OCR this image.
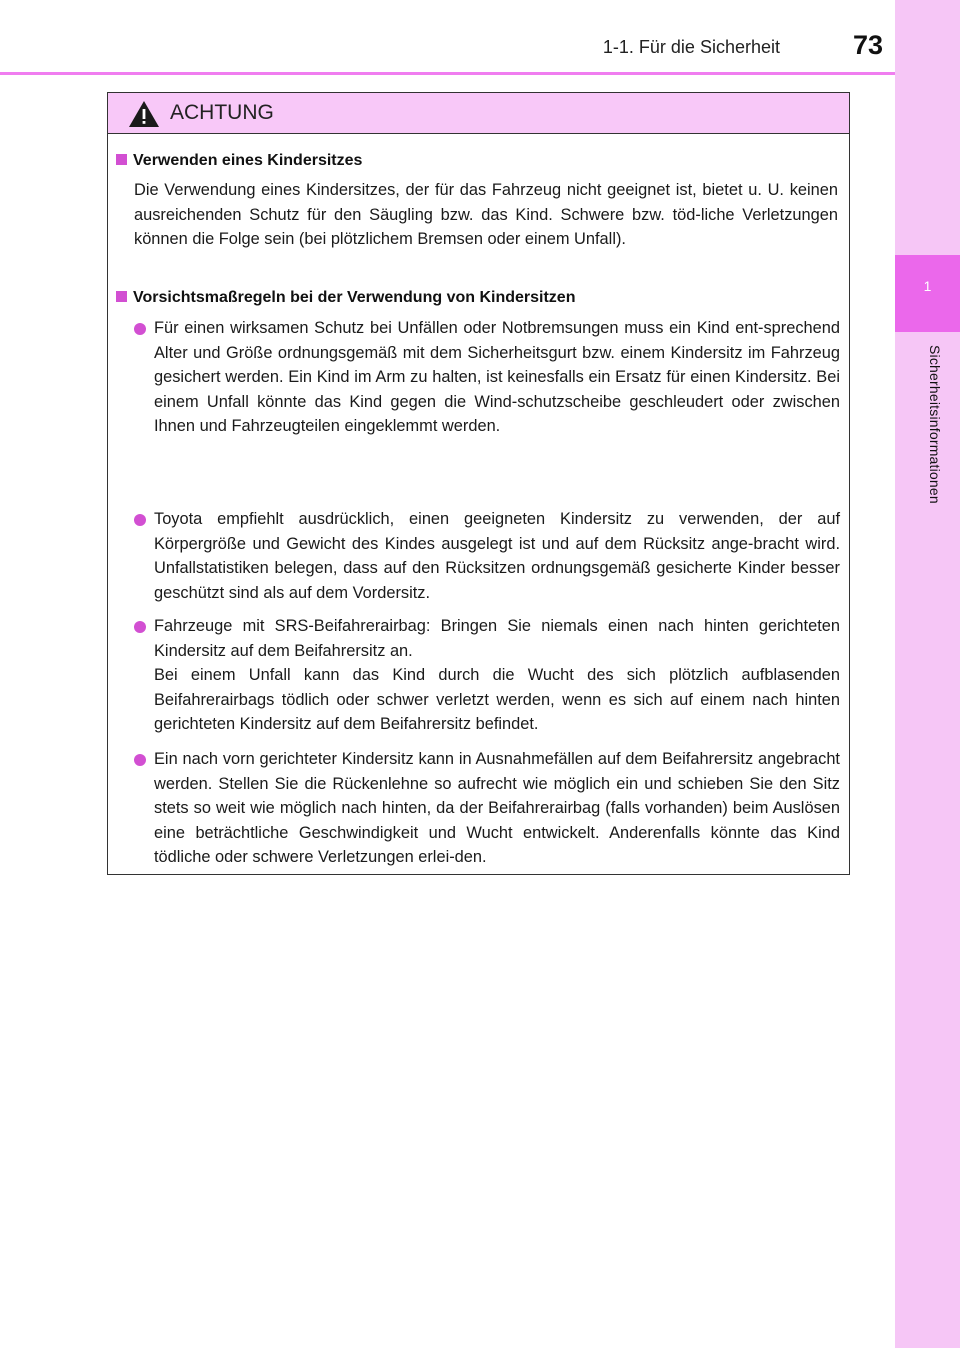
1-1. Für die Sicherheit	73
1
Sicherheitsinformationen
ACHTUNG
Verwenden eines Kindersitzes
Die Verwendung eines Kindersitzes, der für das Fahrzeug nicht geeignet ist, bietet u. U. keinen ausreichenden Schutz für den Säugling bzw. das Kind. Schwere bzw. töd-liche Verletzungen können die Folge sein (bei plötzlichem Bremsen oder einem Unfall).
Vorsichtsmaßregeln bei der Verwendung von Kindersitzen
Für einen wirksamen Schutz bei Unfällen oder Notbremsungen muss ein Kind ent-sprechend Alter und Größe ordnungsgemäß mit dem Sicherheitsgurt bzw. einem Kindersitz im Fahrzeug gesichert werden. Ein Kind im Arm zu halten, ist keinesfalls ein Ersatz für einen Kindersitz. Bei einem Unfall könnte das Kind gegen die Wind-schutzscheibe geschleudert oder zwischen Ihnen und Fahrzeugteilen eingeklemmt werden.
Toyota empfiehlt ausdrücklich, einen geeigneten Kindersitz zu verwenden, der auf Körpergröße und Gewicht des Kindes ausgelegt ist und auf dem Rücksitz ange-bracht wird. Unfallstatistiken belegen, dass auf den Rücksitzen ordnungsgemäß gesicherte Kinder besser geschützt sind als auf dem Vordersitz.
Fahrzeuge mit SRS-Beifahrerairbag: Bringen Sie niemals einen nach hinten gerichteten Kindersitz auf dem Beifahrersitz an.
Bei einem Unfall kann das Kind durch die Wucht des sich plötzlich aufblasenden Beifahrerairbags tödlich oder schwer verletzt werden, wenn es sich auf einem nach hinten gerichteten Kindersitz auf dem Beifahrersitz befindet.
Ein nach vorn gerichteter Kindersitz kann in Ausnahmefällen auf dem Beifahrersitz angebracht werden. Stellen Sie die Rückenlehne so aufrecht wie möglich ein und schieben Sie den Sitz stets so weit wie möglich nach hinten, da der Beifahrerairbag (falls vorhanden) beim Auslösen eine beträchtliche Geschwindigkeit und Wucht entwickelt. Anderenfalls könnte das Kind tödliche oder schwere Verletzungen erlei-den.
